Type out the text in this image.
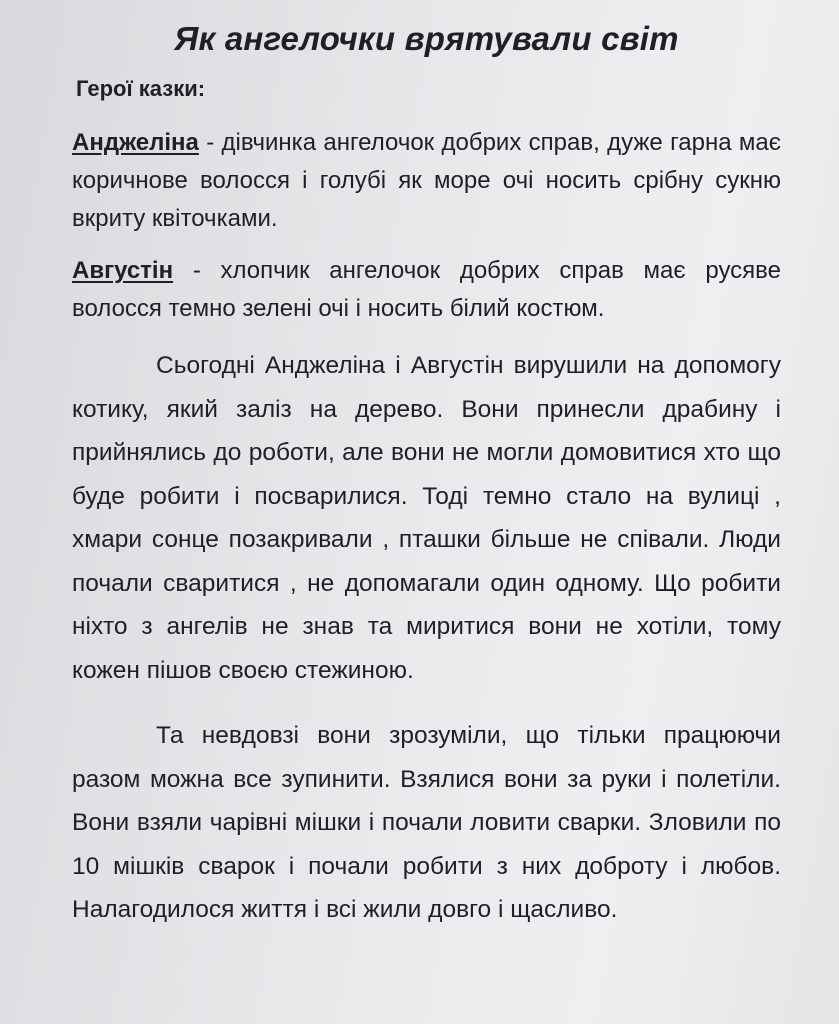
Як ангелочки врятували світ
Герої казки:

Анджеліна - дівчинка ангелочок добрих справ, дуже гарна має коричнове волосся і голубі як море очі носить срібну сукню вкриту квіточками.

Августін - хлопчик ангелочок добрих справ має русяве волосся темно зелені очі і носить білий костюм.

Сьогодні Анджеліна і Августін вирушили на допомогу котику, який заліз на дерево. Вони принесли драбину і прийнялись до роботи, але вони не могли домовитися хто що буде робити і посварилися. Тоді темно стало на вулиці , хмари сонце позакривали , пташки більше не співали. Люди почали сваритися , не допомагали один одному. Що робити ніхто з ангелів не знав та миритися вони не хотіли, тому кожен пішов своєю стежиною.

Та невдовзі вони зрозуміли, що тільки працюючи разом можна все зупинити. Взялися вони за руки і полетіли. Вони взяли чарівні мішки і почали ловити сварки. Зловили по 10 мішків сварок і почали робити з них доброту і любов. Налагодилося життя і всі жили довго і щасливо.
